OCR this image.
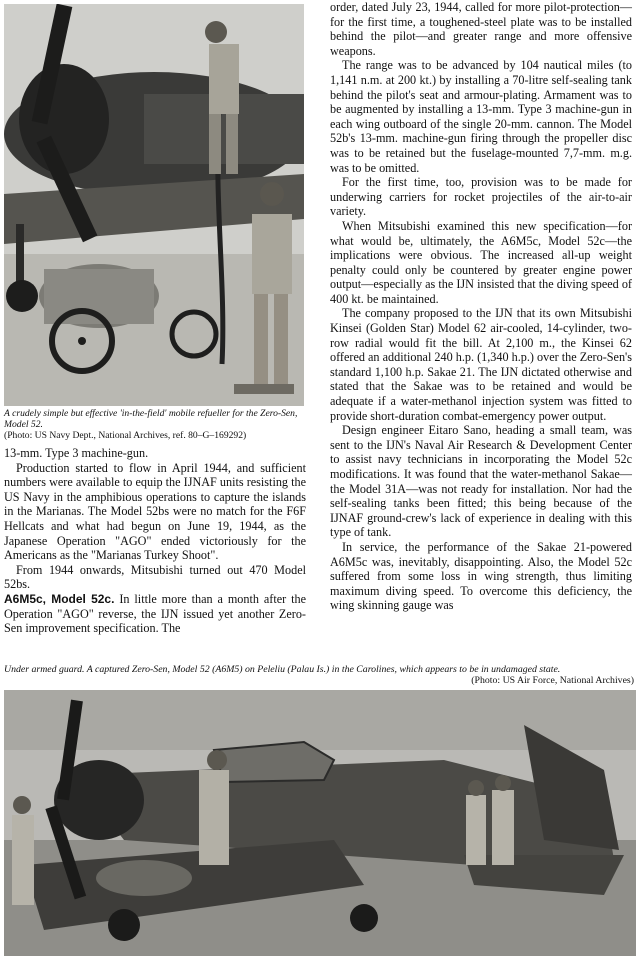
A crudely simple but effective 'in-the-field' mobile refueller for the Zero-Sen, Model 52.
(Photo: US Navy Dept., National Archives, ref. 80–G–169292)

13-mm. Type 3 machine-gun.

Production started to flow in April 1944, and sufficient numbers were available to equip the IJNAF units resisting the US Navy in the amphibious operations to capture the islands in the Marianas. The Model 52bs were no match for the F6F Hellcats and what had begun on June 19, 1944, as the Japanese Operation "AGO" ended victoriously for the Americans as the "Marianas Turkey Shoot".

From 1944 onwards, Mitsubishi turned out 470 Model 52bs.

A6M5c, Model 52c. In little more than a month after the Operation "AGO" reverse, the IJN issued yet another Zero-Sen improvement specification. The

order, dated July 23, 1944, called for more pilot-protection—for the first time, a toughened-steel plate was to be installed behind the pilot—and greater range and more offensive weapons.

The range was to be advanced by 104 nautical miles (to 1,141 n.m. at 200 kt.) by installing a 70-litre self-sealing tank behind the pilot's seat and armour-plating. Armament was to be augmented by installing a 13-mm. Type 3 machine-gun in each wing outboard of the single 20-mm. cannon. The Model 52b's 13-mm. machine-gun firing through the propeller disc was to be retained but the fuselage-mounted 7,7-mm. m.g. was to be omitted.

For the first time, too, provision was to be made for underwing carriers for rocket projectiles of the air-to-air variety.

When Mitsubishi examined this new specification—for what would be, ultimately, the A6M5c, Model 52c—the implications were obvious. The increased all-up weight penalty could only be countered by greater engine power output—especially as the IJN insisted that the diving speed of 400 kt. be maintained.

The company proposed to the IJN that its own Mitsubishi Kinsei (Golden Star) Model 62 air-cooled, 14-cylinder, two-row radial would fit the bill. At 2,100 m., the Kinsei 62 offered an additional 240 h.p. (1,340 h.p.) over the Zero-Sen's standard 1,100 h.p. Sakae 21. The IJN dictated otherwise and stated that the Sakae was to be retained and would be adequate if a water-methanol injection system was fitted to provide short-duration combat-emergency power output.

Design engineer Eitaro Sano, heading a small team, was sent to the IJN's Naval Air Research & Development Center to assist navy technicians in incorporating the Model 52c modifications. It was found that the water-methanol Sakae—the Model 31A—was not ready for installation. Nor had the self-sealing tanks been fitted; this being because of the IJNAF ground-crew's lack of experience in dealing with this type of tank.

In service, the performance of the Sakae 21-powered A6M5c was, inevitably, disappointing. Also, the Model 52c suffered from some loss in wing strength, thus limiting maximum diving speed. To overcome this deficiency, the wing skinning gauge was

Under armed guard. A captured Zero-Sen, Model 52 (A6M5) on Peleliu (Palau Is.) in the Carolines, which appears to be in undamaged state.
(Photo: US Air Force, National Archives)
